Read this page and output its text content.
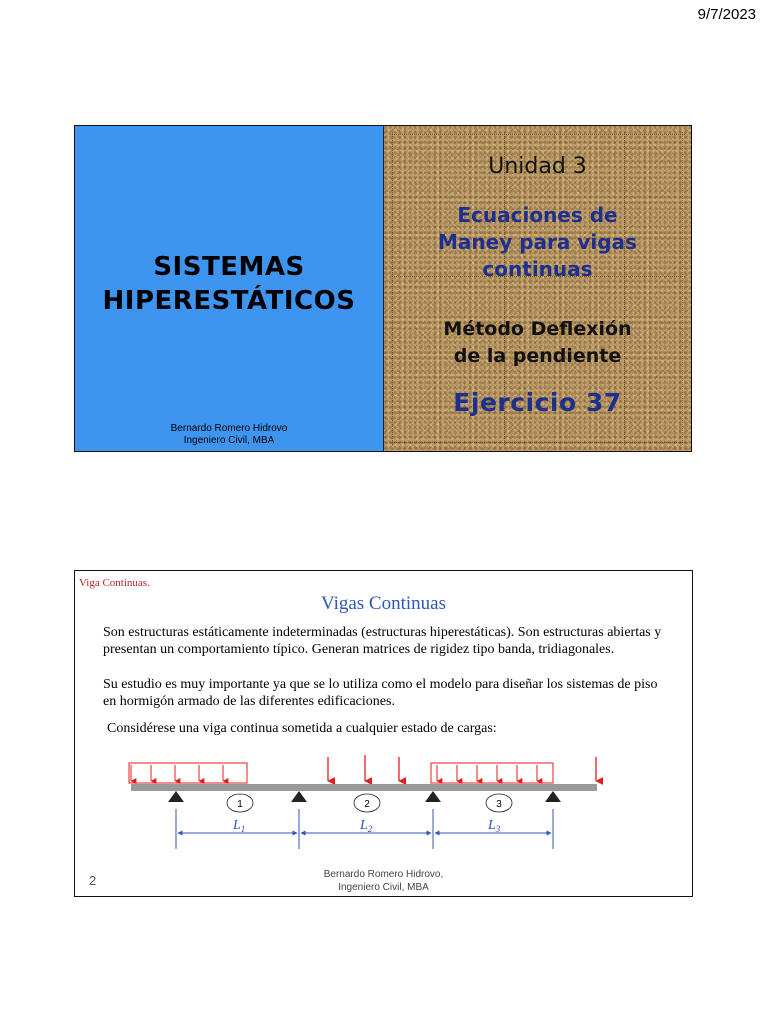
9/7/2023
SISTEMAS
HIPERESTÁTICOS
Bernardo Romero Hidrovo
Ingeniero Civil, MBA
Unidad 3
Ecuaciones de
Maney para vigas
continuas
Método Deflexión
de la pendiente
Ejercicio 37
Viga Continuas.
Vigas Continuas
Son estructuras estáticamente indeterminadas (estructuras hiperestáticas). Son estructuras abiertas y presentan un comportamiento típico. Generan matrices de rigidez tipo banda, tridiagonales.
Su estudio es muy importante ya que se lo utiliza como el modelo para diseñar los sistemas de piso en hormigón armado de las diferentes edificaciones.
Considérese una viga continua sometida a cualquier estado de cargas:
1	2	3
$L_1$	$L_2$	$L_3$
2	Bernardo Romero Hidrovo,
Ingeniero Civil, MBA
